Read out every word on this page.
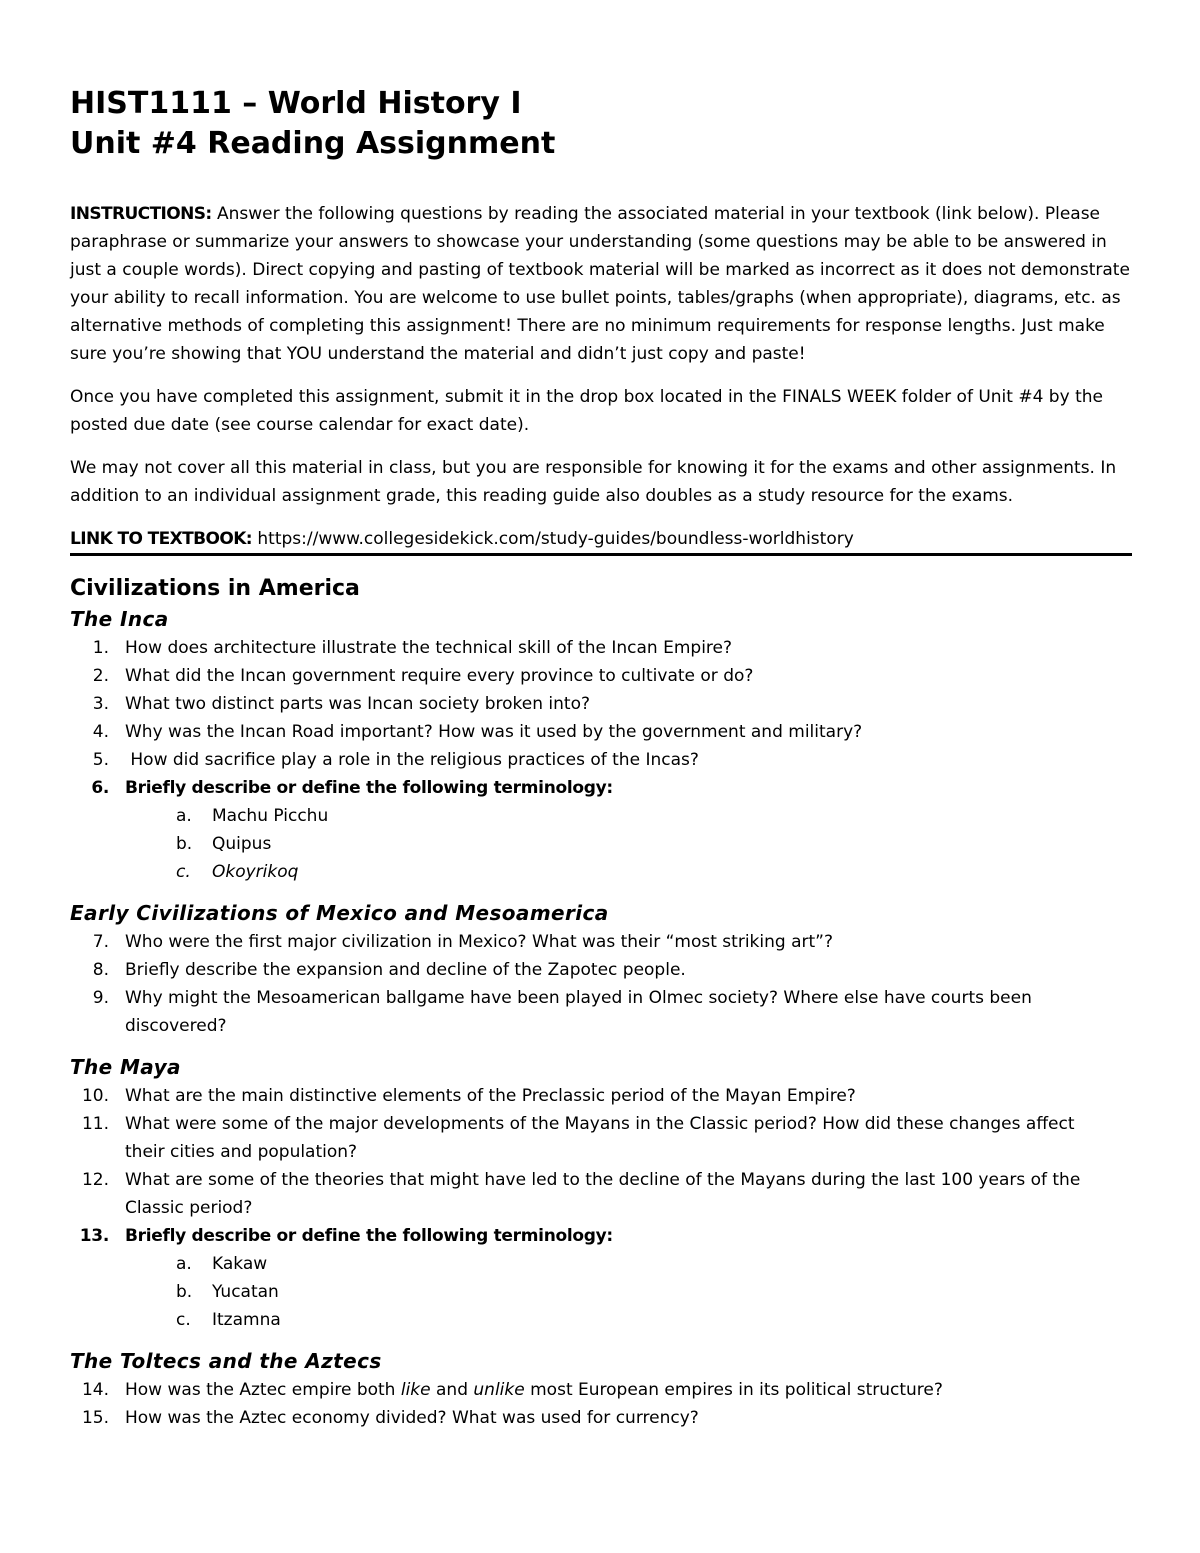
HIST1111 – World History I
Unit #4 Reading Assignment

INSTRUCTIONS: Answer the following questions by reading the associated material in your textbook (link below). Please paraphrase or summarize your answers to showcase your understanding (some questions may be able to be answered in just a couple words). Direct copying and pasting of textbook material will be marked as incorrect as it does not demonstrate your ability to recall information. You are welcome to use bullet points, tables/graphs (when appropriate), diagrams, etc. as alternative methods of completing this assignment! There are no minimum requirements for response lengths. Just make sure you’re showing that YOU understand the material and didn’t just copy and paste!

Once you have completed this assignment, submit it in the drop box located in the FINALS WEEK folder of Unit #4 by the posted due date (see course calendar for exact date).

We may not cover all this material in class, but you are responsible for knowing it for the exams and other assignments. In addition to an individual assignment grade, this reading guide also doubles as a study resource for the exams.

LINK TO TEXTBOOK: https://www.collegesidekick.com/study-guides/boundless-worldhistory

Civilizations in America
The Inca
1. How does architecture illustrate the technical skill of the Incan Empire?
2. What did the Incan government require every province to cultivate or do?
3. What two distinct parts was Incan society broken into?
4. Why was the Incan Road important? How was it used by the government and military?
5. How did sacrifice play a role in the religious practices of the Incas?
6. Briefly describe or define the following terminology:
a.	Machu Picchu
b.	Quipus
c.	Okoyrikoq
Early Civilizations of Mexico and Mesoamerica
7. Who were the first major civilization in Mexico? What was their “most striking art”?
8. Briefly describe the expansion and decline of the Zapotec people.
9. Why might the Mesoamerican ballgame have been played in Olmec society? Where else have courts been discovered?
The Maya
10. What are the main distinctive elements of the Preclassic period of the Mayan Empire?
11. What were some of the major developments of the Mayans in the Classic period? How did these changes affect their cities and population?
12. What are some of the theories that might have led to the decline of the Mayans during the last 100 years of the Classic period?
13. Briefly describe or define the following terminology:
a.	Kakaw
b.	Yucatan
c.	Itzamna
The Toltecs and the Aztecs
14. How was the Aztec empire both like and unlike most European empires in its political structure?
15. How was the Aztec economy divided? What was used for currency?
